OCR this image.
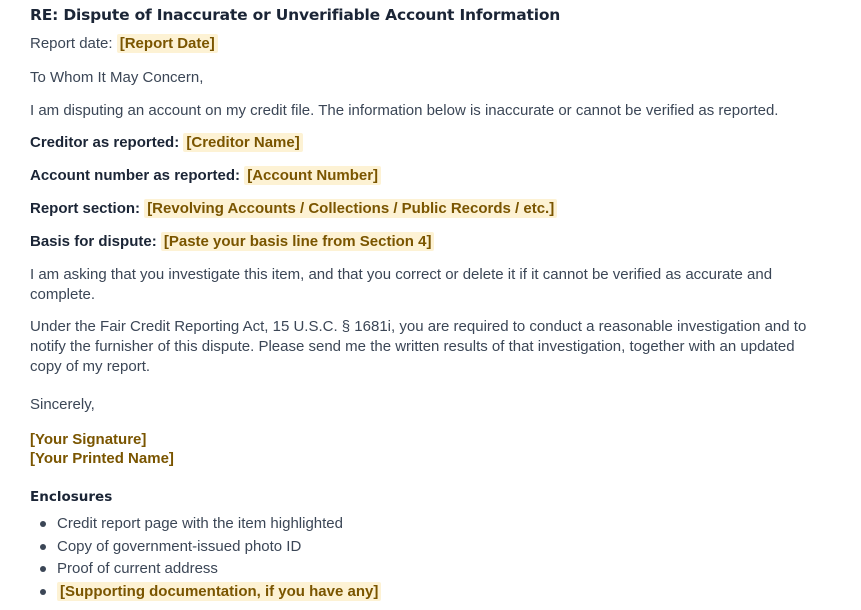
RE: Dispute of Inaccurate or Unverifiable Account Information
Report date: [Report Date]
To Whom It May Concern,
I am disputing an account on my credit file. The information below is inaccurate or cannot be verified as reported.
Creditor as reported: [Creditor Name]
Account number as reported: [Account Number]
Report section: [Revolving Accounts / Collections / Public Records / etc.]
Basis for dispute: [Paste your basis line from Section 4]
I am asking that you investigate this item, and that you correct or delete it if it cannot be verified as accurate and complete.
Under the Fair Credit Reporting Act, 15 U.S.C. § 1681i, you are required to conduct a reasonable investigation and to notify the furnisher of this dispute. Please send me the written results of that investigation, together with an updated copy of my report.
Sincerely,
[Your Signature]
[Your Printed Name]
Enclosures
Credit report page with the item highlighted
Copy of government-issued photo ID
Proof of current address
[Supporting documentation, if you have any]
